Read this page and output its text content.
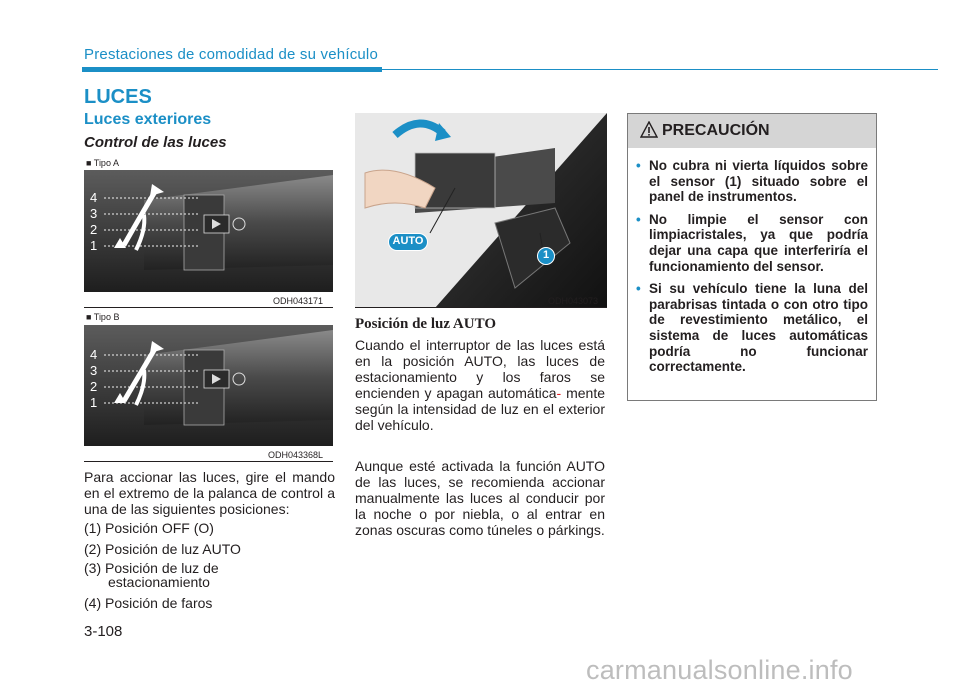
Prestaciones de comodidad de su vehículo
LUCES
Luces exteriores
Control de las luces
■ Tipo A
4
3
2
1
ODH043171
■ Tipo B
4
3
2
1
ODH043368L
AUTO
1
ODH043073
Para accionar las luces, gire el mando en el extremo de la palanca de control a una de las siguientes posiciones:
(1) Posición OFF (O)
(2) Posición de luz AUTO
(3) Posición de luz de
estacionamiento
(4) Posición de faros
Posición de luz AUTO
Cuando el interruptor de las luces está en la posición AUTO, las luces de estacionamiento y los faros se encienden y apagan automática- mente según la intensidad de luz en el exterior del vehículo.
Aunque esté activada la función AUTO de las luces, se recomienda accionar manualmente las luces al conducir por la noche o por niebla, o al entrar en zonas oscuras como túneles o párkings.
PRECAUCIÓN
• No cubra ni vierta líquidos sobre el sensor (1) situado sobre el panel de instrumentos.
• No limpie el sensor con limpiacristales, ya que podría dejar una capa que interferiría el funcionamiento del sensor.
• Si su vehículo tiene la luna del parabrisas tintada o con otro tipo de revestimiento metálico, el sistema de luces automáticas podría no funcionar correctamente.
3-108
carmanualsonline.info
